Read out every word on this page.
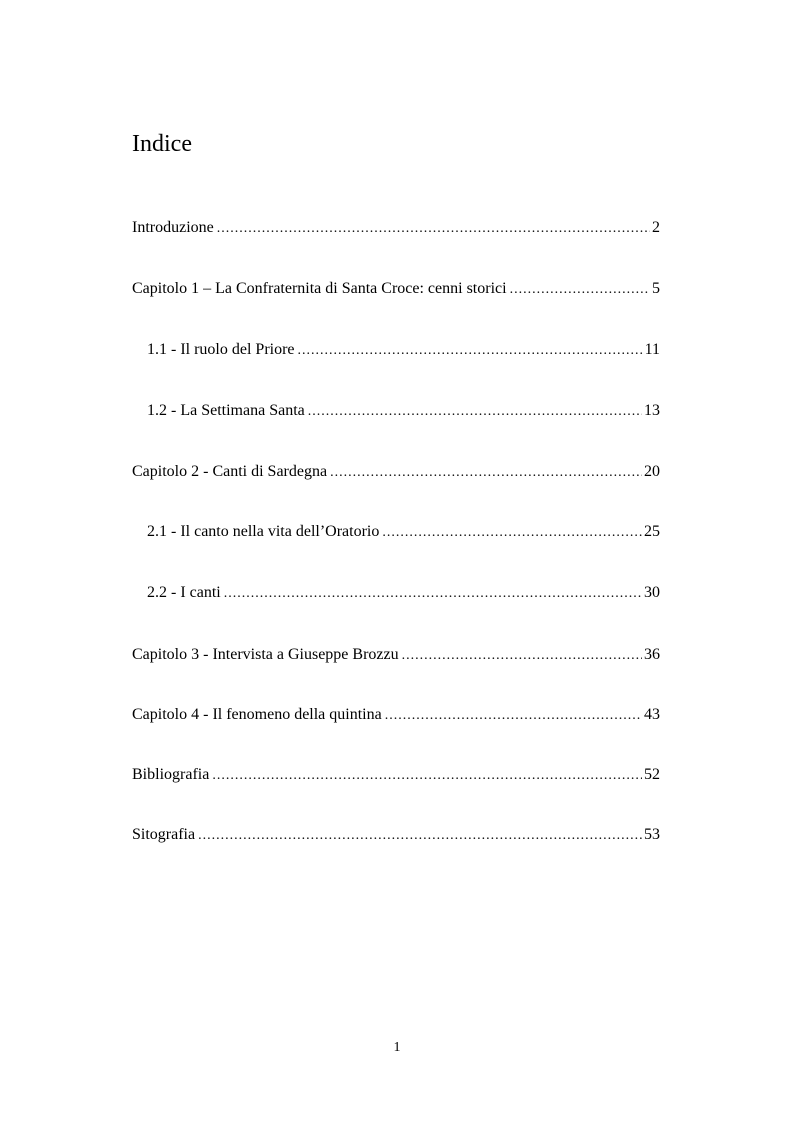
Indice
Introduzione .....	2
Capitolo 1 – La Confraternita di Santa Croce: cenni storici .....	5
1.1 - Il ruolo del Priore .....	11
1.2 - La Settimana Santa .....	13
Capitolo 2 - Canti di Sardegna .....	20
2.1 - Il canto nella vita dell’Oratorio .....	25
2.2 - I canti .....	30
Capitolo 3 - Intervista a Giuseppe Brozzu .....	36
Capitolo 4 - Il fenomeno della quintina .....	43
Bibliografia .....	52
Sitografia .....	53
1
